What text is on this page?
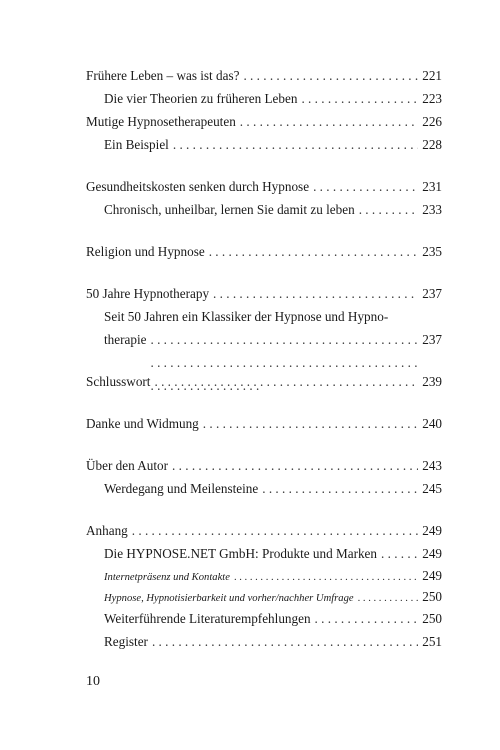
Frühere Leben – was ist das? . . .	221
Die vier Theorien zu früheren Leben . . .	223
Mutige Hypnosetherapeuten . . .	226
Ein Beispiel . . .	228
Gesundheitskosten senken durch Hypnose . . .	231
Chronisch, unheilbar, lernen Sie damit zu leben . . .	233
Religion und Hypnose . . .	235
50 Jahre Hypnotherapy . . .	237
Seit 50 Jahren ein Klassiker der Hypnose und Hypno-
therapie . . .	237
Schlusswort . . .	239
Danke und Widmung . . .	240
Über den Autor . . .	243
Werdegang und Meilensteine . . .	245
Anhang . . .	249
Die HYPNOSE.NET GmbH: Produkte und Marken . . .	249
Internetpräsenz und Kontakte . . .	249
Hypnose, Hypnotisierbarkeit und vorher/nachher Umfrage . . .	250
Weiterführende Literaturempfehlungen . . .	250
Register . . .	251
10
